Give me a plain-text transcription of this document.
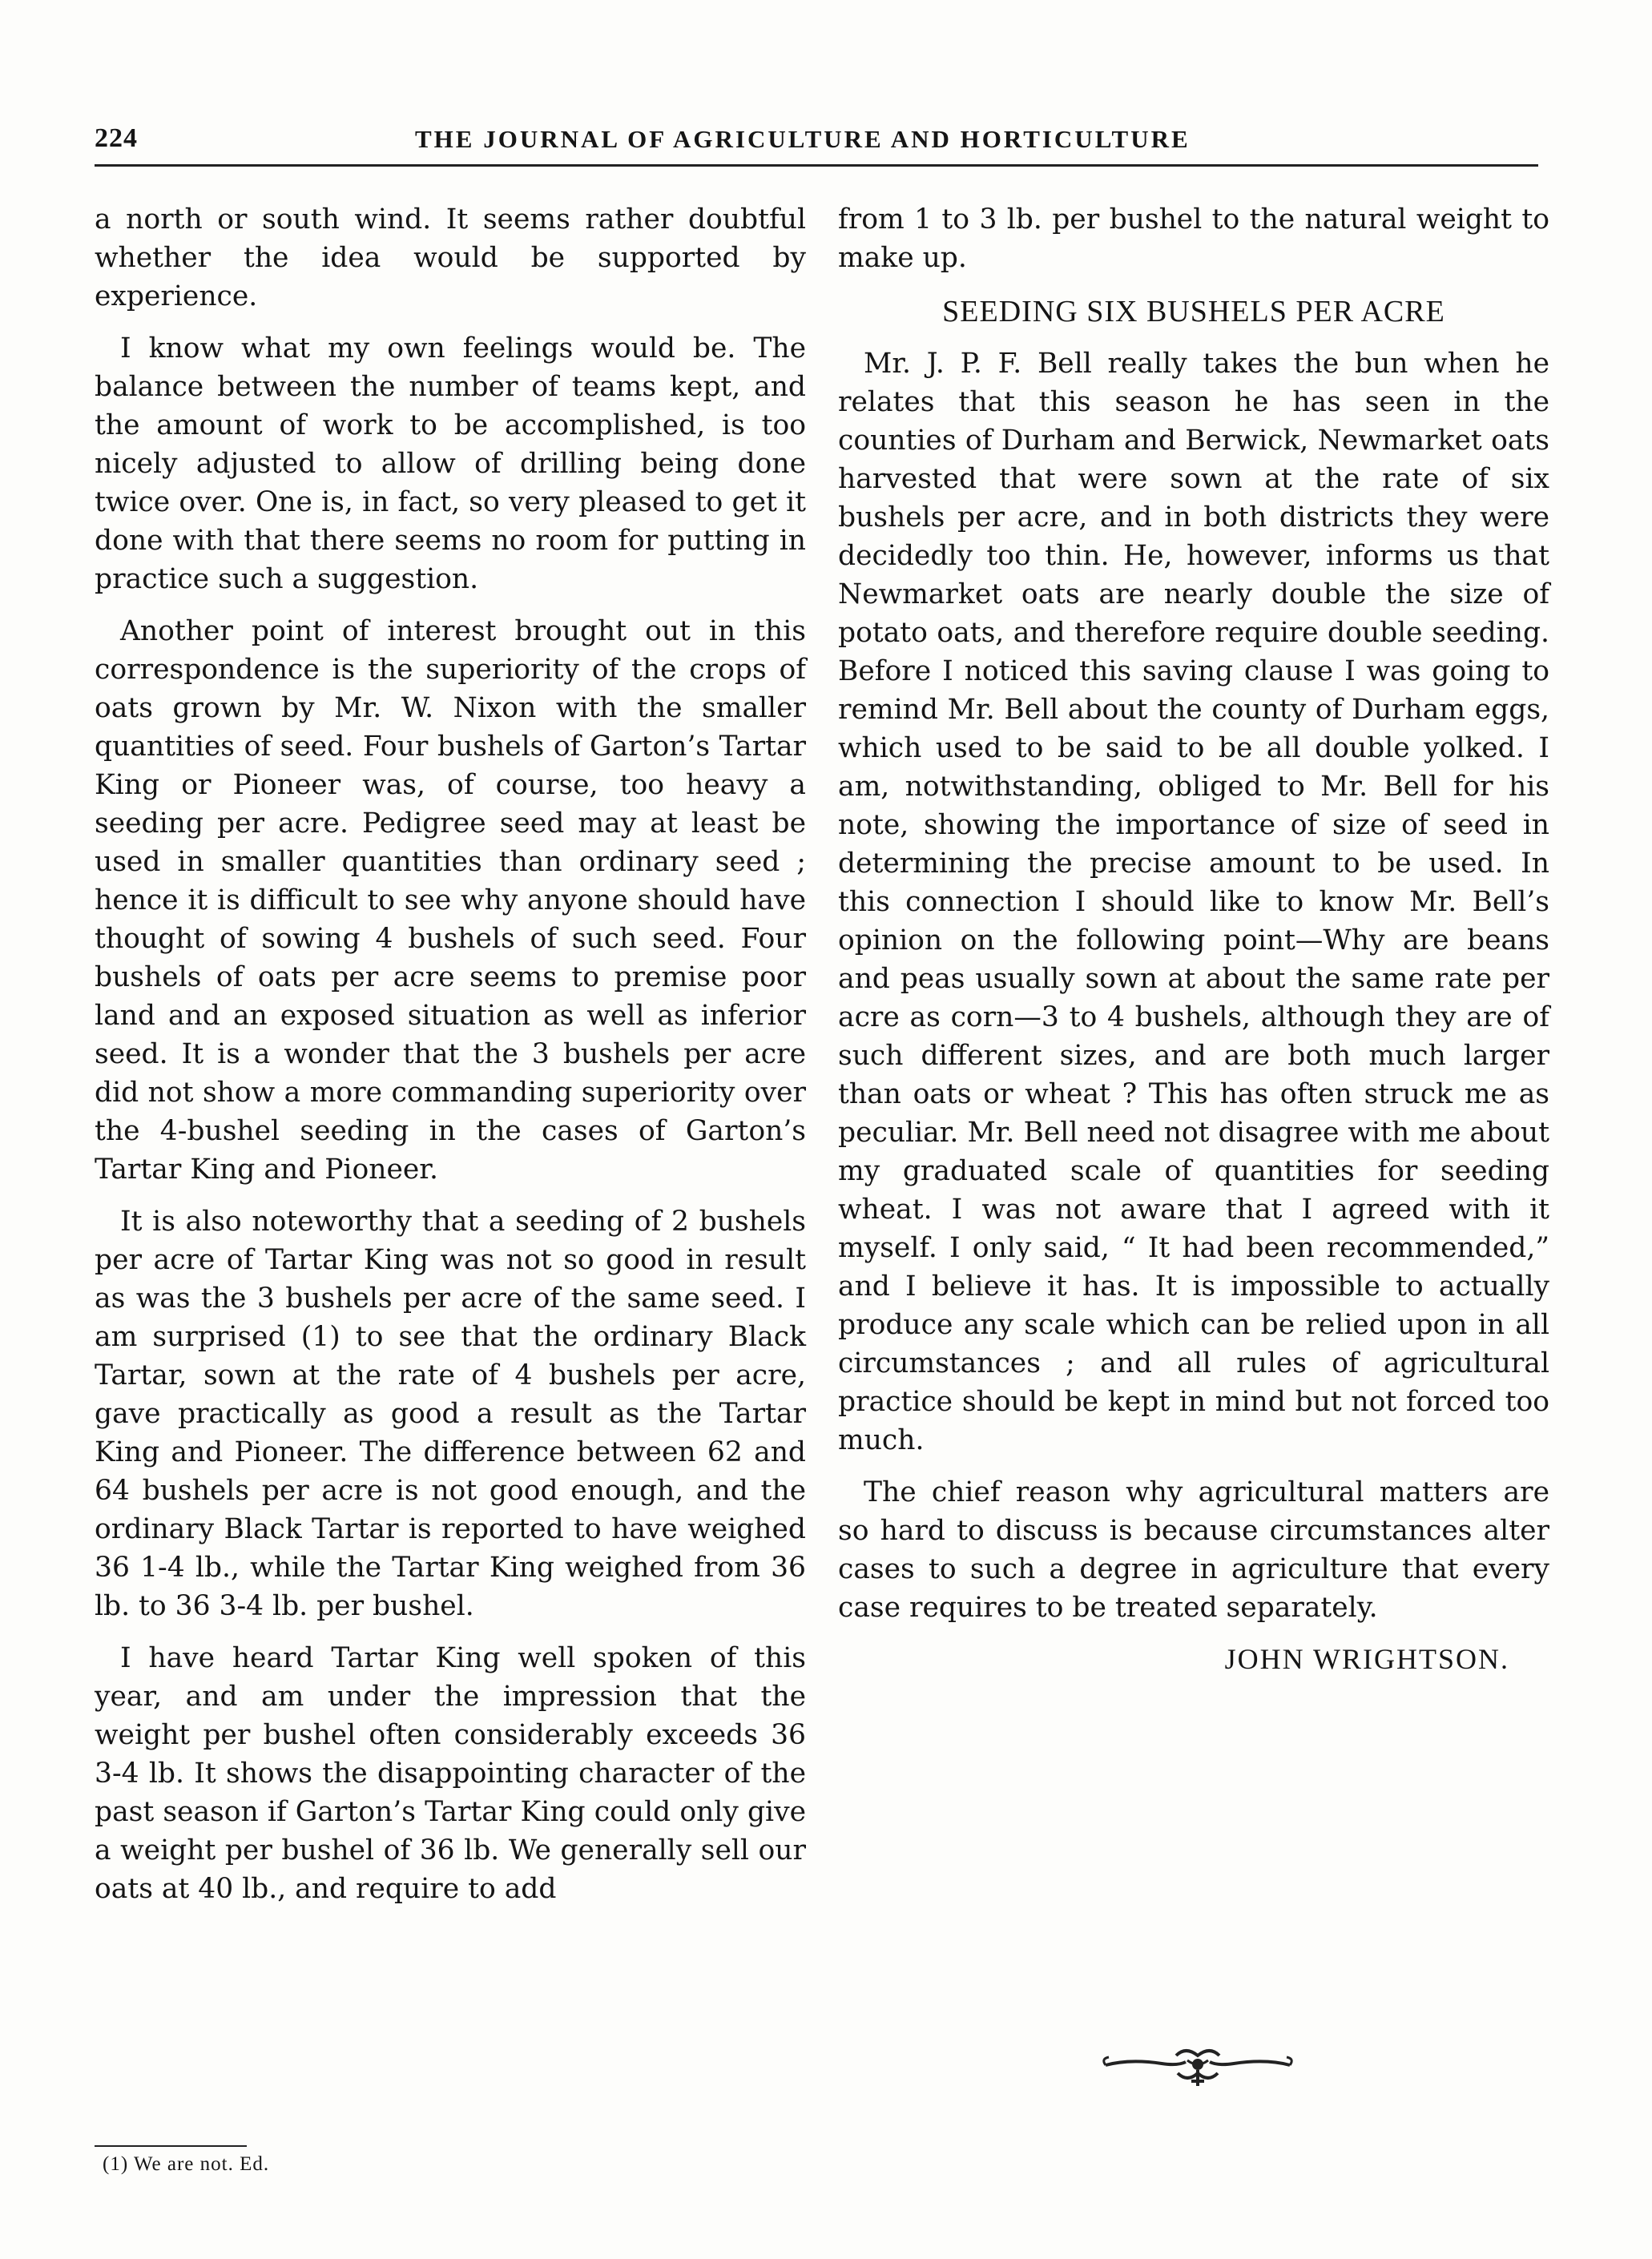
224	THE JOURNAL OF AGRICULTURE AND HORTICULTURE

a north or south wind. It seems rather doubtful whether the idea would be supported by experience.

I know what my own feelings would be. The balance between the number of teams kept, and the amount of work to be accomplished, is too nicely adjusted to allow of drilling being done twice over. One is, in fact, so very pleased to get it done with that there seems no room for putting in practice such a suggestion.

Another point of interest brought out in this correspondence is the superiority of the crops of oats grown by Mr. W. Nixon with the smaller quantities of seed. Four bushels of Garton’s Tartar King or Pioneer was, of course, too heavy a seeding per acre. Pedigree seed may at least be used in smaller quantities than ordinary seed ; hence it is difficult to see why anyone should have thought of sowing 4 bushels of such seed. Four bushels of oats per acre seems to premise poor land and an exposed situation as well as inferior seed. It is a wonder that the 3 bushels per acre did not show a more commanding superiority over the 4-bushel seeding in the cases of Garton’s Tartar King and Pioneer.

It is also noteworthy that a seeding of 2 bushels per acre of Tartar King was not so good in result as was the 3 bushels per acre of the same seed. I am surprised (1) to see that the ordinary Black Tartar, sown at the rate of 4 bushels per acre, gave practically as good a result as the Tartar King and Pioneer. The difference between 62 and 64 bushels per acre is not good enough, and the ordinary Black Tartar is reported to have weighed 36 1-4 lb., while the Tartar King weighed from 36 lb. to 36 3-4 lb. per bushel.

I have heard Tartar King well spoken of this year, and am under the impression that the weight per bushel often considerably exceeds 36 3-4 lb. It shows the disappointing character of the past season if Garton’s Tartar King could only give a weight per bushel of 36 lb. We generally sell our oats at 40 lb., and require to add

from 1 to 3 lb. per bushel to the natural weight to make up.

SEEDING SIX BUSHELS PER ACRE

Mr. J. P. F. Bell really takes the bun when he relates that this season he has seen in the counties of Durham and Berwick, Newmarket oats harvested that were sown at the rate of six bushels per acre, and in both districts they were decidedly too thin. He, however, informs us that Newmarket oats are nearly double the size of potato oats, and therefore require double seeding. Before I noticed this saving clause I was going to remind Mr. Bell about the county of Durham eggs, which used to be said to be all double yolked. I am, notwithstanding, obliged to Mr. Bell for his note, showing the importance of size of seed in determining the precise amount to be used. In this connection I should like to know Mr. Bell’s opinion on the following point—Why are beans and peas usually sown at about the same rate per acre as corn—3 to 4 bushels, although they are of such different sizes, and are both much larger than oats or wheat ? This has often struck me as peculiar. Mr. Bell need not disagree with me about my graduated scale of quantities for seeding wheat. I was not aware that I agreed with it myself. I only said, “ It had been recommended,” and I believe it has. It is impossible to actually produce any scale which can be relied upon in all circumstances ; and all rules of agricultural practice should be kept in mind but not forced too much.

The chief reason why agricultural matters are so hard to discuss is because circumstances alter cases to such a degree in agriculture that every case requires to be treated separately.

JOHN WRIGHTSON.
(1) We are not. Ed.
